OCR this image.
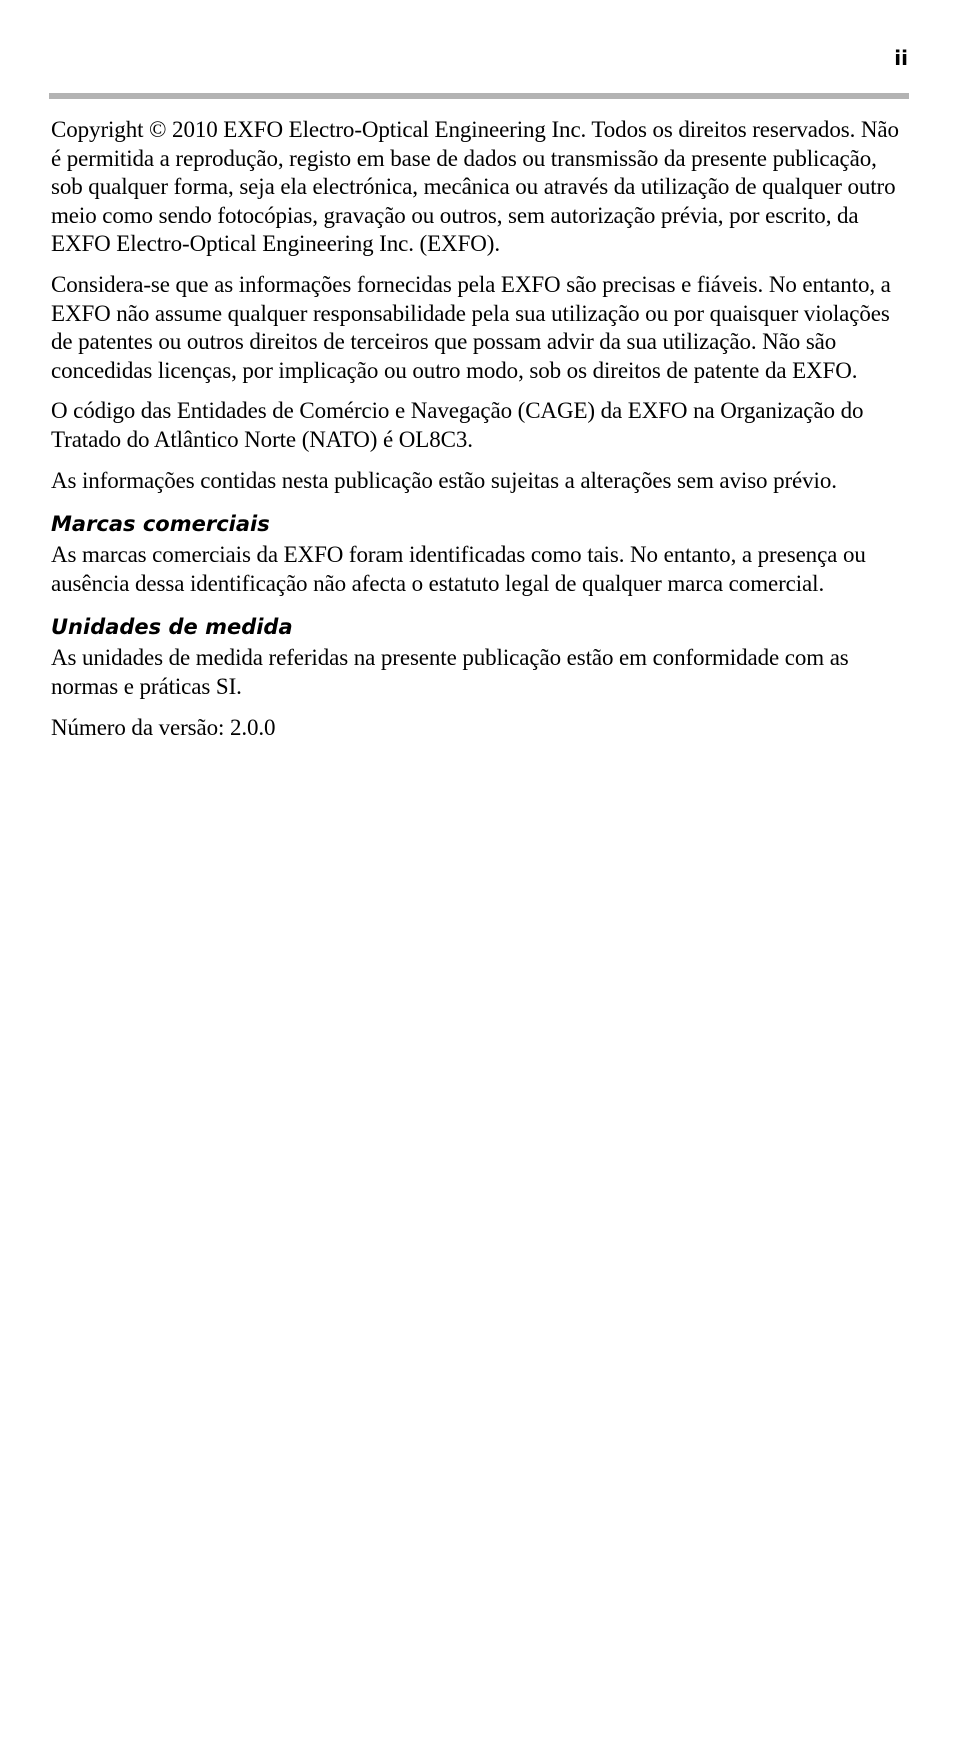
ii

Copyright © 2010 EXFO Electro-Optical Engineering Inc. Todos os direitos reservados. Não é permitida a reprodução, registo em base de dados ou transmissão da presente publicação, sob qualquer forma, seja ela electrónica, mecânica ou através da utilização de qualquer outro meio como sendo fotocópias, gravação ou outros, sem autorização prévia, por escrito, da EXFO Electro-Optical Engineering Inc. (EXFO).

Considera-se que as informações fornecidas pela EXFO são precisas e fiáveis. No entanto, a EXFO não assume qualquer responsabilidade pela sua utilização ou por quaisquer violações de patentes ou outros direitos de terceiros que possam advir da sua utilização. Não são concedidas licenças, por implicação ou outro modo, sob os direitos de patente da EXFO.

O código das Entidades de Comércio e Navegação (CAGE) da EXFO na Organização do Tratado do Atlântico Norte (NATO) é OL8C3.

As informações contidas nesta publicação estão sujeitas a alterações sem aviso prévio.

Marcas comerciais

As marcas comerciais da EXFO foram identificadas como tais. No entanto, a presença ou ausência dessa identificação não afecta o estatuto legal de qualquer marca comercial.

Unidades de medida

As unidades de medida referidas na presente publicação estão em conformidade com as normas e práticas SI.

Número da versão: 2.0.0
